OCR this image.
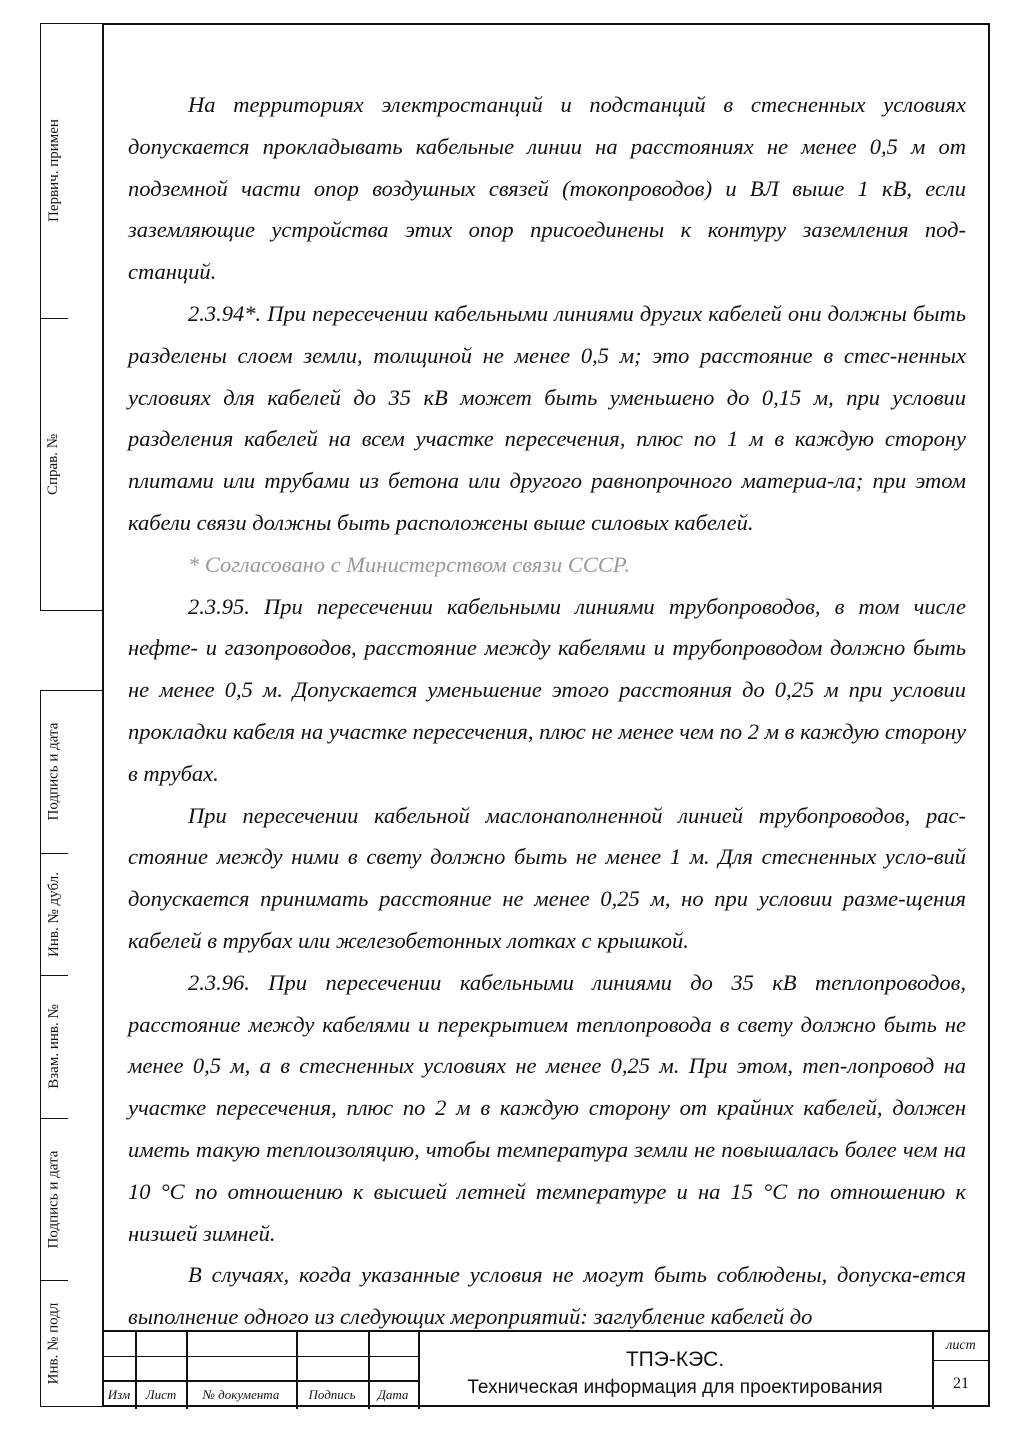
Первич. примен
Справ. №
Подпись и дата
Инв. № дубл.
Взам. инв. №
Подпись и дата
Инв. № подл

На территориях электростанций и подстанций в стесненных условиях допускается прокладывать кабельные линии на расстояниях не менее 0,5 м от подземной части опор воздушных связей (токопроводов) и ВЛ выше 1 кВ, если заземляющие устройства этих опор присоединены к контуру заземления под-станций.

2.3.94*. При пересечении кабельными линиями других кабелей они должны быть разделены слоем земли, толщиной не менее 0,5 м; это расстояние в стес-ненных условиях для кабелей до 35 кВ может быть уменьшено до 0,15 м, при условии разделения кабелей на всем участке пересечения, плюс по 1 м в каждую сторону плитами или трубами из бетона или другого равнопрочного материа-ла; при этом кабели связи должны быть расположены выше силовых кабелей.

* Согласовано с Министерством связи СССР.

2.3.95. При пересечении кабельными линиями трубопроводов, в том числе нефте- и газопроводов, расстояние между кабелями и трубопроводом должно быть не менее 0,5 м. Допускается уменьшение этого расстояния до 0,25 м при условии прокладки кабеля на участке пересечения, плюс не менее чем по 2 м в каждую сторону в трубах.

При пересечении кабельной маслонаполненной линией трубопроводов, рас-стояние между ними в свету должно быть не менее 1 м. Для стесненных усло-вий допускается принимать расстояние не менее 0,25 м, но при условии разме-щения кабелей в трубах или железобетонных лотках с крышкой.

2.3.96. При пересечении кабельными линиями до 35 кВ теплопроводов, расстояние между кабелями и перекрытием теплопровода в свету должно быть не менее 0,5 м, а в стесненных условиях не менее 0,25 м. При этом, теп-лопровод на участке пересечения, плюс по 2 м в каждую сторону от крайних кабелей, должен иметь такую теплоизоляцию, чтобы температура земли не повышалась более чем на 10 °С по отношению к высшей летней температуре и на 15 °С по отношению к низшей зимней.

В случаях, когда указанные условия не могут быть соблюдены, допуска-ется выполнение одного из следующих мероприятий: заглубление кабелей до

Изм	Лист	№ документа	Подпись	Дата
ТПЭ-КЭС.
Техническая информация для проектирования
лист
21
